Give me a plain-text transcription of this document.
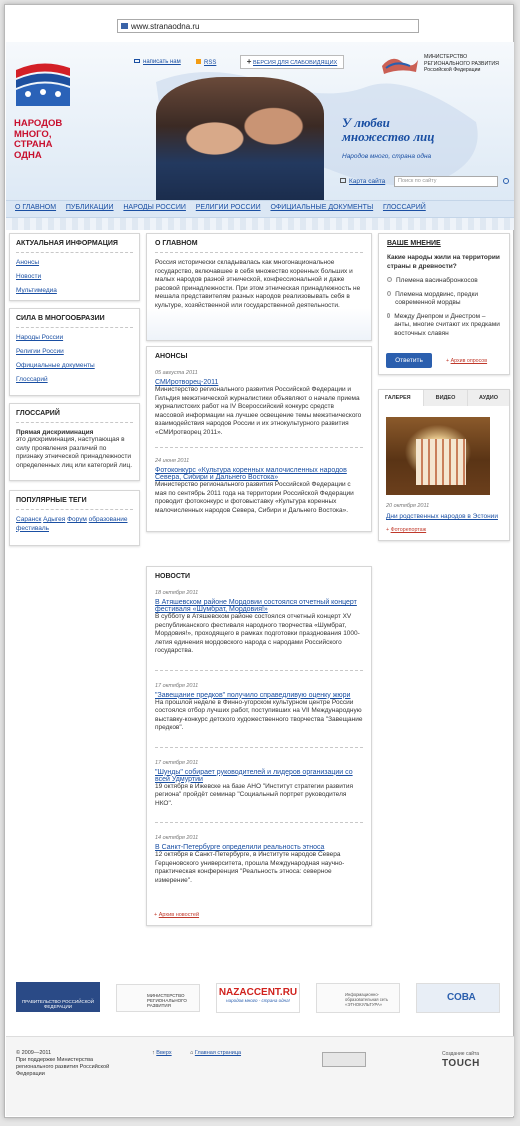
www.stranaodna.ru
НАРОДОВ
МНОГО,
СТРАНА
ОДНА
написать нам	RSS	+ ВЕРСИЯ ДЛЯ СЛАБОВИДЯЩИХ
МИНИСТЕРСТВО
РЕГИОНАЛЬНОГО РАЗВИТИЯ
Российской Федерации
У любви
множество лиц
Народов много, страна одна
Карта сайта	Поиск по сайту
О ГЛАВНОМ ПУБЛИКАЦИИ НАРОДЫ РОССИИ РЕЛИГИИ РОССИИ ОФИЦИАЛЬНЫЕ ДОКУМЕНТЫ ГЛОССАРИЙ
АКТУАЛЬНАЯ ИНФОРМАЦИЯ
Анонсы
Новости
Мультимедиа
СИЛА В МНОГООБРАЗИИ
Народы России
Религии России
Официальные документы
Глоссарий
ГЛОССАРИЙ
Прямая дискриминация
это дискриминация, наступающая в силу проявления различий по признаку этнической принадлежности определенных лиц или категорий лиц.
ПОПУЛЯРНЫЕ ТЕГИ
Саранск Адыгея Форум образование фестиваль
О ГЛАВНОМ
Россия исторически складывалась как многонациональное государство, включавшее в себя множество коренных больших и малых народов разной этнической, конфессиональной и даже расовой принадлежности. При этом этническая принадлежность не мешала представителям разных народов реализовывать себя в культуре, хозяйственной или государственной деятельности.
АНОНСЫ
05 августа 2011
СМИротворец-2011
Министерство регионального развития Российской Федерации и Гильдия межэтнической журналистики объявляют о начале приема журналистских работ на IV Всероссийский конкурс средств массовой информации на лучшее освещение темы межэтнического взаимодействия народов России и их этнокультурного развития «СМИротворец 2011».
24 июня 2011
Фотоконкурс «Культура коренных малочисленных народов Севера, Сибири и Дальнего Востока»
Министерство регионального развития Российской Федерации с мая по сентябрь 2011 года на территории Российской Федерации проводит фотоконкурс и фотовыставку «Культура коренных малочисленных народов Севера, Сибири и Дальнего Востока».
НОВОСТИ
18 октября 2011
В Атяшевском районе Мордовии состоялся отчетный концерт фестиваля «Шумбрат, Мордовия!»
В субботу в Атяшевском районе состоялся отчетный концерт XV республиканского фестиваля народного творчества «Шумбрат, Мордовия!», проходящего в рамках подготовки празднования 1000-летия единения мордовского народа с народами Российского государства.
17 октября 2011
"Завещание предков" получило справедливую оценку жюри
На прошлой неделе в Финно-угорском культурном центре России состоялся отбор лучших работ, поступивших на VII Международную выставку-конкурс детского художественного творчества "Завещание предков".
17 октября 2011
"Шунды" собирает руководителей и лидеров организации со всей Удмуртии
19 октября в Ижевске на базе АНО "Институт стратегии развития региона" пройдёт семинар "Социальный портрет руководителя НКО".
14 октября 2011
В Санкт-Петербурге определили реальность этноса
12 октября в Санкт-Петербурге, в Институте народов Севера Герценовского университета, прошла Международная научно-практическая конференция "Реальность этноса: северное измерение".
+ Архив новостей
ВАШЕ МНЕНИЕ
Какие народы жили на территории страны в древности?
Племена васинабронкосов
Племена мордвинс, предки современной мордвы
Между Днепром и Днестром – анты, многие считают их предками восточных славян
Ответить	+ Архив опросов
ГАЛЕРЕЯ	ВИДЕО	АУДИО
20 октября 2011
Дни родственных народов в Эстонии
+ Фоторепортаж
ПРАВИТЕЛЬСТВО РОССИЙСКОЙ ФЕДЕРАЦИИ
МИНИСТЕРСТВО РЕГИОНАЛЬНОГО РАЗВИТИЯ
NAZACCENT.RU
народов много - страна одна!
Информационно-образовательная сеть «ЭТНОКУЛЬТУРА»
СОВА
© 2009—2011
При поддержке Министерства регионального развития Российской Федерации
↑ Вверх	⌂ Главная страница	Создание сайта
TOUCH
